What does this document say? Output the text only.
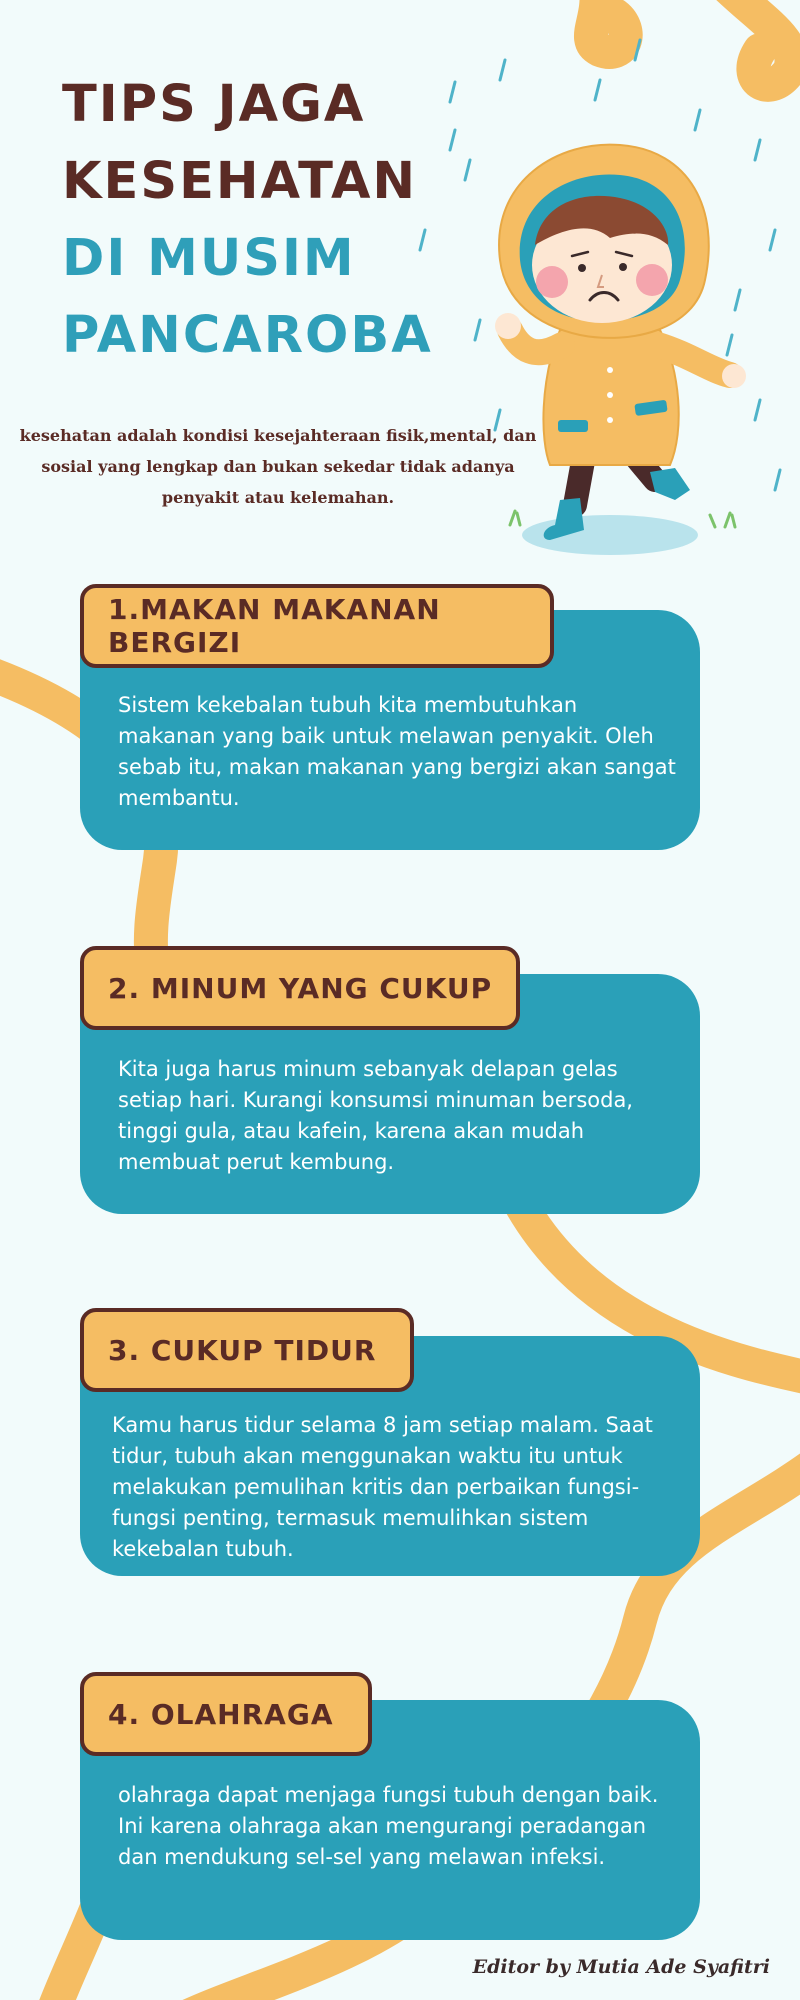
TIPS JAGA
KESEHATAN
DI MUSIM
PANCAROBA

kesehatan adalah kondisi kesejahteraan fisik,mental, dan sosial yang lengkap dan bukan sekedar tidak adanya penyakit atau kelemahan.

Sistem kekebalan tubuh kita membutuhkan makanan yang baik untuk melawan penyakit. Oleh sebab itu, makan makanan yang bergizi akan sangat membantu.

1.MAKAN MAKANAN BERGIZI

Kita juga harus minum sebanyak delapan gelas setiap hari. Kurangi konsumsi minuman bersoda, tinggi gula, atau kafein, karena akan mudah membuat perut kembung.

2. MINUM YANG CUKUP

Kamu harus tidur selama 8 jam setiap malam. Saat tidur, tubuh akan menggunakan waktu itu untuk melakukan pemulihan kritis dan perbaikan fungsi-fungsi penting, termasuk memulihkan sistem kekebalan tubuh.

3. CUKUP TIDUR

olahraga dapat menjaga fungsi tubuh dengan baik. Ini karena olahraga akan mengurangi peradangan dan mendukung sel-sel yang melawan infeksi.

4. OLAHRAGA
Editor by Mutia Ade Syafitri
